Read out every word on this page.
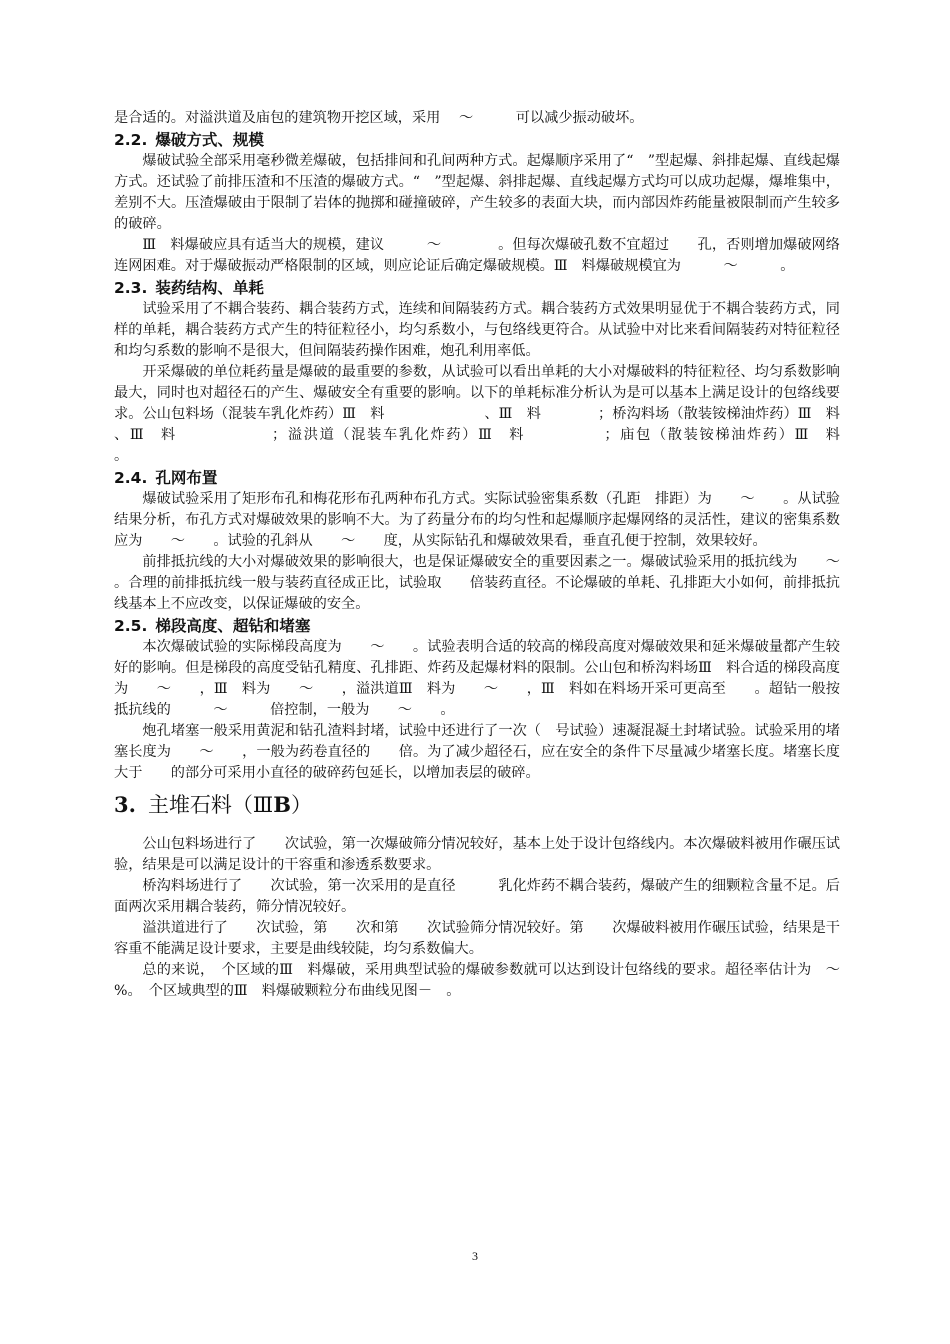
是合适的。对溢洪道及庙包的建筑物开挖区域，采用　 ～　　　可以减少振动破坏。

2.2. 爆破方式、规模

爆破试验全部采用毫秒微差爆破，包括排间和孔间两种方式。起爆顺序采用了“　”型起爆、斜排起爆、直线起爆方式。还试验了前排压渣和不压渣的爆破方式。“　”型起爆、斜排起爆、直线起爆方式均可以成功起爆，爆堆集中，差别不大。压渣爆破由于限制了岩体的抛掷和碰撞破碎，产生较多的表面大块，而内部因炸药能量被限制而产生较多的破碎。

Ⅲ　料爆破应具有适当大的规模，建议　　　～　　　　。但每次爆破孔数不宜超过　　孔，否则增加爆破网络连网困难。对于爆破振动严格限制的区域，则应论证后确定爆破规模。Ⅲ　料爆破规模宜为　　　～　　　。

2.3. 装药结构、单耗

试验采用了不耦合装药、耦合装药方式，连续和间隔装药方式。耦合装药方式效果明显优于不耦合装药方式，同样的单耗，耦合装药方式产生的特征粒径小，均匀系数小，与包络线更符合。从试验中对比来看间隔装药对特征粒径和均匀系数的影响不是很大，但间隔装药操作困难，炮孔利用率低。

开采爆破的单位耗药量是爆破的最重要的参数，从试验可以看出单耗的大小对爆破料的特征粒径、均匀系数影响最大，同时也对超径石的产生、爆破安全有重要的影响。以下的单耗标准分析认为是可以基本上满足设计的包络线要求。公山包料场（混装车乳化炸药）Ⅲ　料　　　　　　　、Ⅲ　料　　　　；桥沟料场（散装铵梯油炸药）Ⅲ　料　　　　　　、Ⅲ　料　　　　　　；溢洪道（混装车乳化炸药）Ⅲ　料　　　　　；庙包（散装铵梯油炸药）Ⅲ　料　　　　　　。

2.4. 孔网布置

爆破试验采用了矩形布孔和梅花形布孔两种布孔方式。实际试验密集系数（孔距　排距）为　　～　　。从试验结果分析，布孔方式对爆破效果的影响不大。为了药量分布的均匀性和起爆顺序起爆网络的灵活性，建议的密集系数应为　　～　　。试验的孔斜从　　～　　度，从实际钻孔和爆破效果看，垂直孔便于控制，效果较好。

前排抵抗线的大小对爆破效果的影响很大，也是保证爆破安全的重要因素之一。爆破试验采用的抵抗线为　　～　　。合理的前排抵抗线一般与装药直径成正比，试验取　　倍装药直径。不论爆破的单耗、孔排距大小如何，前排抵抗线基本上不应改变，以保证爆破的安全。

2.5. 梯段高度、超钻和堵塞

本次爆破试验的实际梯段高度为　　～　　。试验表明合适的较高的梯段高度对爆破效果和延米爆破量都产生较好的影响。但是梯段的高度受钻孔精度、孔排距、炸药及起爆材料的限制。公山包和桥沟料场Ⅲ　料合适的梯段高度为　　～　　，Ⅲ　料为　　～　　，溢洪道Ⅲ　料为　　～　　，Ⅲ　料如在料场开采可更高至　　。超钻一般按抵抗线的　　　～　　　倍控制，一般为　　～　　。

炮孔堵塞一般采用黄泥和钻孔渣料封堵，试验中还进行了一次（　号试验）速凝混凝土封堵试验。试验采用的堵塞长度为　　～　　，一般为药卷直径的　　倍。为了减少超径石，应在安全的条件下尽量减少堵塞长度。堵塞长度大于　　的部分可采用小直径的破碎药包延长，以增加表层的破碎。

3. 主堆石料（ⅢB）

公山包料场进行了　　次试验，第一次爆破筛分情况较好，基本上处于设计包络线内。本次爆破料被用作碾压试验，结果是可以满足设计的干容重和渗透系数要求。

桥沟料场进行了　　次试验，第一次采用的是直径　　　乳化炸药不耦合装药，爆破产生的细颗粒含量不足。后面两次采用耦合装药，筛分情况较好。

溢洪道进行了　　次试验，第　　次和第　　次试验筛分情况较好。第　　次爆破料被用作碾压试验，结果是干容重不能满足设计要求，主要是曲线较陡，均匀系数偏大。

总的来说，　个区域的Ⅲ　料爆破，采用典型试验的爆破参数就可以达到设计包络线的要求。超径率估计为　～　%。　个区域典型的Ⅲ　料爆破颗粒分布曲线见图－　。

3
